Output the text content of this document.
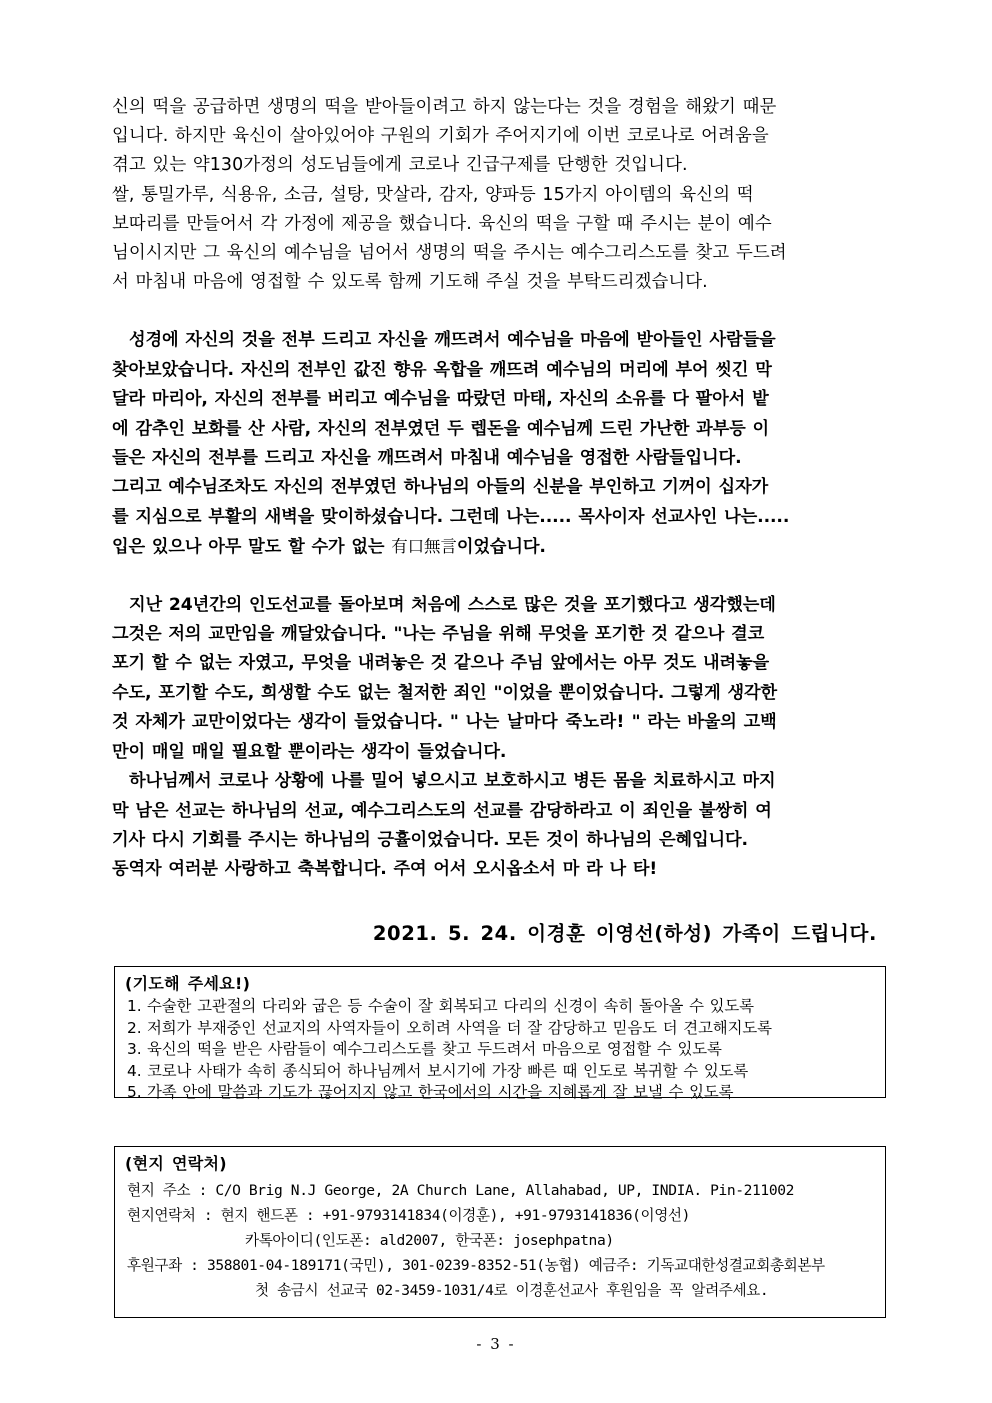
신의 떡을 공급하면 생명의 떡을 받아들이려고 하지 않는다는 것을 경험을 해왔기 때문
입니다. 하지만 육신이 살아있어야 구원의 기회가 주어지기에 이번 코로나로 어려움을
겪고 있는 약130가정의 성도님들에게 코로나 긴급구제를 단행한 것입니다.
쌀, 통밀가루, 식용유, 소금, 설탕, 맛살라, 감자, 양파등 15가지 아이템의 육신의 떡
보따리를 만들어서 각 가정에 제공을 했습니다. 육신의 떡을 구할 때 주시는 분이 예수
님이시지만 그 육신의 예수님을 넘어서 생명의 떡을 주시는 예수그리스도를 찾고 두드려
서 마침내 마음에 영접할 수 있도록 함께 기도해 주실 것을 부탁드리겠습니다.
성경에 자신의 것을 전부 드리고 자신을 깨뜨려서 예수님을 마음에 받아들인 사람들을
찾아보았습니다. 자신의 전부인 값진 향유 옥합을 깨뜨려 예수님의 머리에 부어 씻긴 막
달라 마리아, 자신의 전부를 버리고 예수님을 따랐던 마태, 자신의 소유를 다 팔아서 밭
에 감추인 보화를 산 사람, 자신의 전부였던 두 렙돈을 예수님께 드린 가난한 과부등 이
들은 자신의 전부를 드리고 자신을 깨뜨려서 마침내 예수님을 영접한 사람들입니다.
그리고 예수님조차도 자신의 전부였던 하나님의 아들의 신분을 부인하고 기꺼이 십자가
를 지심으로 부활의 새벽을 맞이하셨습니다. 그런데 나는..... 목사이자 선교사인 나는.....
입은 있으나 아무 말도 할 수가 없는 有口無言이었습니다.
지난 24년간의 인도선교를 돌아보며 처음에 스스로 많은 것을 포기했다고 생각했는데
그것은 저의 교만임을 깨달았습니다. "나는 주님을 위해 무엇을 포기한 것 같으나 결코
포기 할 수 없는 자였고, 무엇을 내려놓은 것 같으나 주님 앞에서는 아무 것도 내려놓을
수도, 포기할 수도, 희생할 수도 없는 철저한 죄인 "이었을 뿐이었습니다. 그렇게 생각한
것 자체가 교만이었다는 생각이 들었습니다. " 나는 날마다 죽노라! " 라는 바울의 고백
만이 매일 매일 필요할 뿐이라는 생각이 들었습니다.
하나님께서 코로나 상황에 나를 밀어 넣으시고 보호하시고 병든 몸을 치료하시고 마지
막 남은 선교는 하나님의 선교, 예수그리스도의 선교를 감당하라고 이 죄인을 불쌍히 여
기사 다시 기회를 주시는 하나님의 긍휼이었습니다. 모든 것이 하나님의 은혜입니다.
동역자 여러분 사랑하고 축복합니다. 주여 어서 오시옵소서 마 라 나 타!
2021. 5. 24. 이경훈 이영선(하성) 가족이 드립니다.
(기도해 주세요!)
1. 수술한 고관절의 다리와 굽은 등 수술이 잘 회복되고 다리의 신경이 속히 돌아올 수 있도록
2. 저희가 부재중인 선교지의 사역자들이 오히려 사역을 더 잘 감당하고 믿음도 더 견고해지도록
3. 육신의 떡을 받은 사람들이 예수그리스도를 찾고 두드려서 마음으로 영접할 수 있도록
4. 코로나 사태가 속히 종식되어 하나님께서 보시기에 가장 빠른 때 인도로 복귀할 수 있도록
5. 가족 안에 말씀과 기도가 끊어지지 않고 한국에서의 시간을 지혜롭게 잘 보낼 수 있도록
(현지 연락처)
현지 주소 : C/O Brig N.J George, 2A Church Lane, Allahabad, UP, INDIA. Pin-211002
현지연락처 : 현지 핸드폰 : +91-9793141834(이경훈), +91-9793141836(이영선)
카톡아이디(인도폰: ald2007, 한국폰: josephpatna)
후원구좌 : 358801-04-189171(국민), 301-0239-8352-51(농협) 예금주: 기독교대한성결교회총회본부
첫 송금시 선교국 02-3459-1031/4로 이경훈선교사 후원임을 꼭 알려주세요.
- 3 -
